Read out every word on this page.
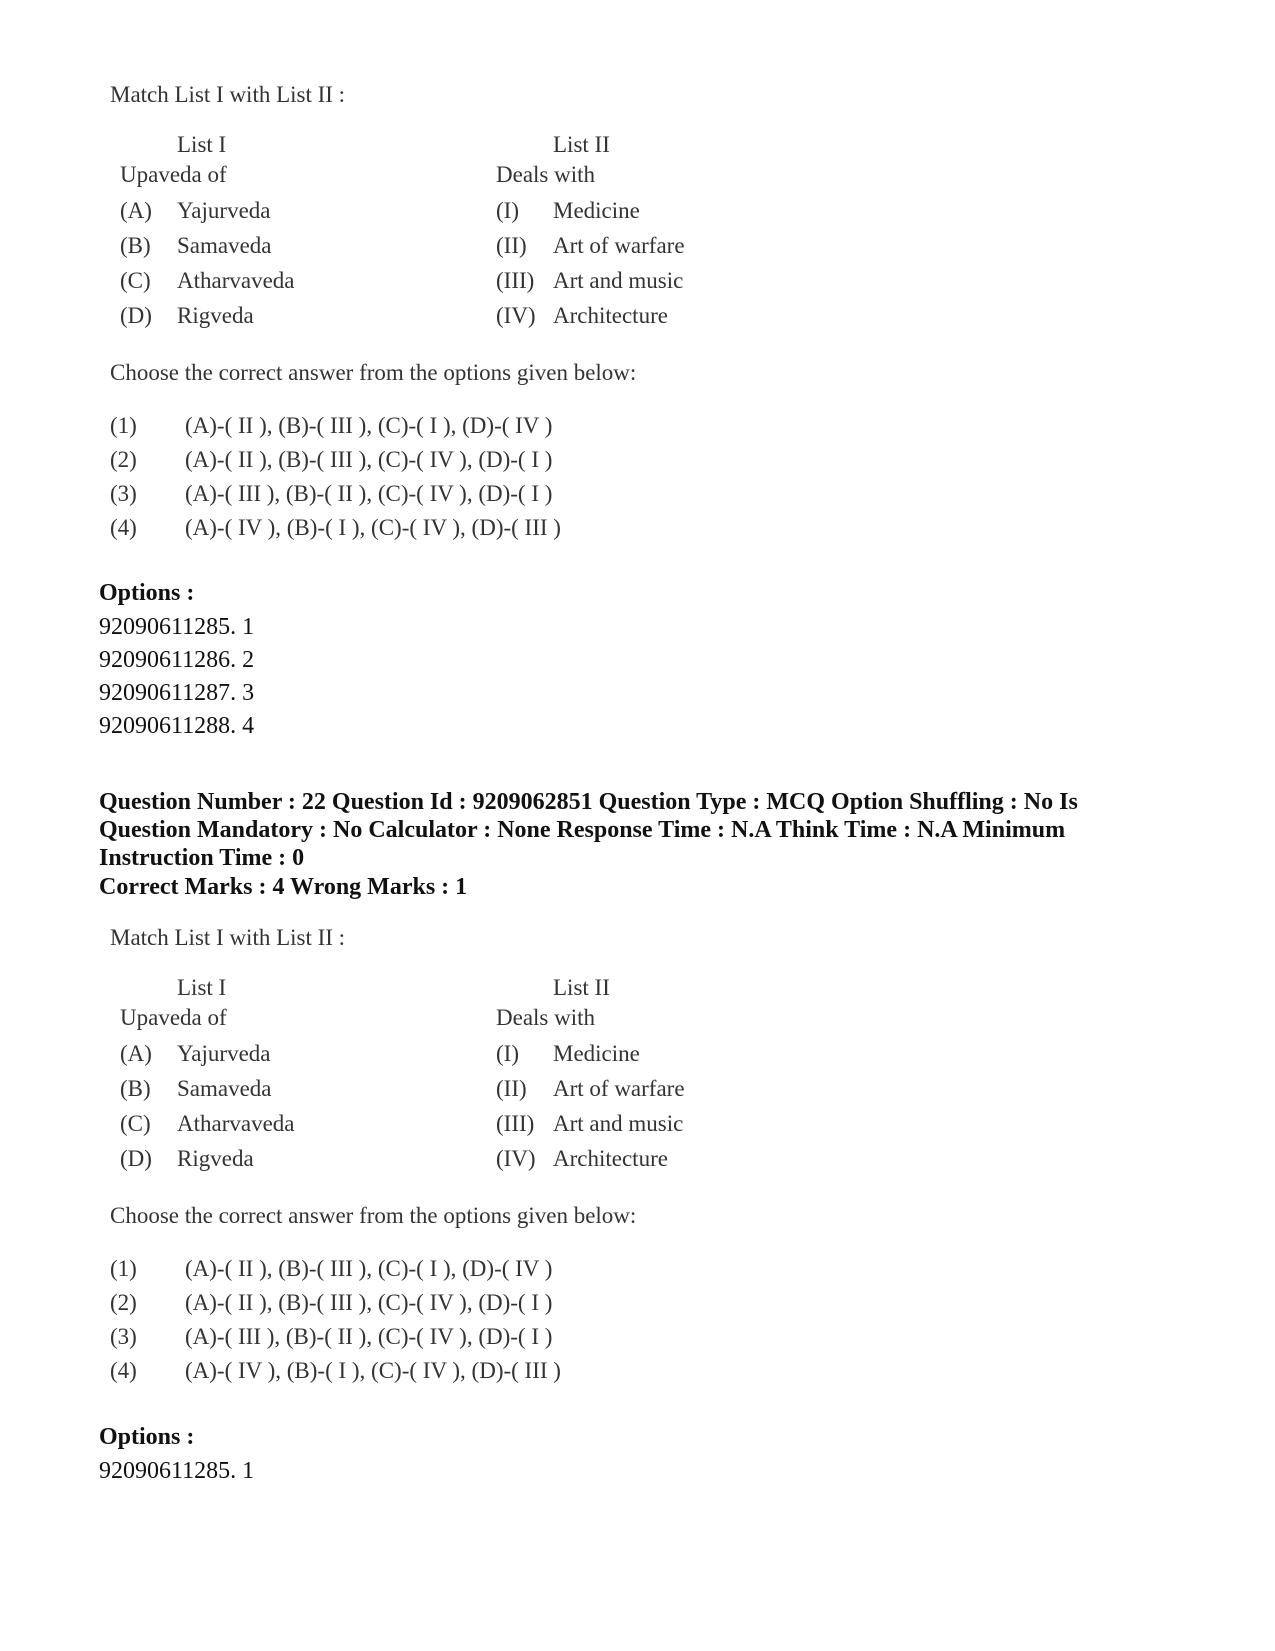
Match List I with List II :
List I	List II
Upaveda of	Deals with
(A) Yajurveda	(I) Medicine
(B) Samaveda	(II) Art of warfare
(C) Atharvaveda	(III) Art and music
(D) Rigveda	(IV) Architecture
Choose the correct answer from the options given below:
(1) (A)-( II ), (B)-( III ), (C)-( I ), (D)-( IV )
(2) (A)-( II ), (B)-( III ), (C)-( IV ), (D)-( I )
(3) (A)-( III ), (B)-( II ), (C)-( IV ), (D)-( I )
(4) (A)-( IV ), (B)-( I ), (C)-( IV ), (D)-( III )
Options :
92090611285. 1
92090611286. 2
92090611287. 3
92090611288. 4
Question Number : 22 Question Id : 9209062851 Question Type : MCQ Option Shuffling : No Is Question Mandatory : No Calculator : None Response Time : N.A Think Time : N.A Minimum Instruction Time : 0
Correct Marks : 4 Wrong Marks : 1
Match List I with List II :
List I	List II
Upaveda of	Deals with
(A) Yajurveda	(I) Medicine
(B) Samaveda	(II) Art of warfare
(C) Atharvaveda	(III) Art and music
(D) Rigveda	(IV) Architecture
Choose the correct answer from the options given below:
(1) (A)-( II ), (B)-( III ), (C)-( I ), (D)-( IV )
(2) (A)-( II ), (B)-( III ), (C)-( IV ), (D)-( I )
(3) (A)-( III ), (B)-( II ), (C)-( IV ), (D)-( I )
(4) (A)-( IV ), (B)-( I ), (C)-( IV ), (D)-( III )
Options :
92090611285. 1
